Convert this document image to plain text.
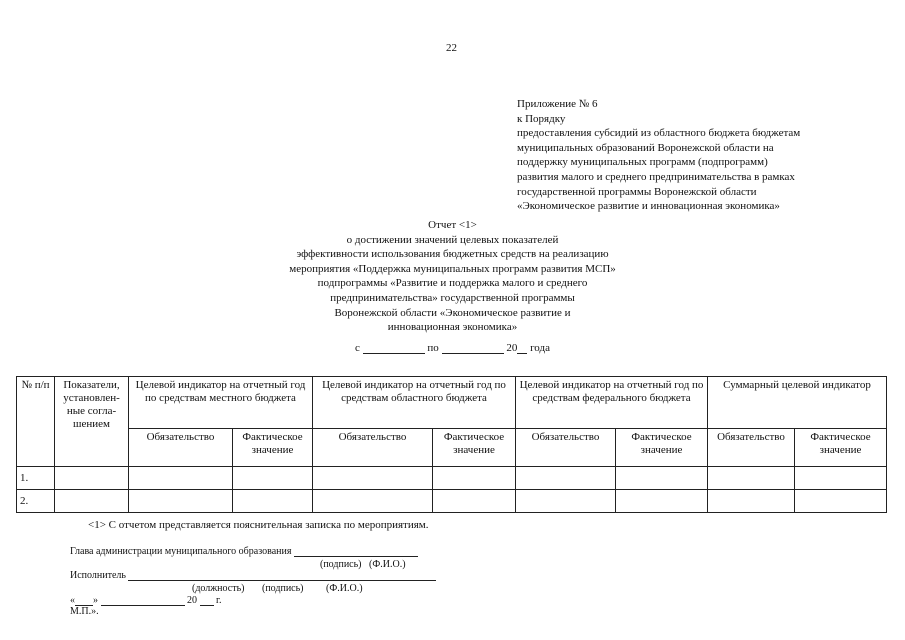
22
Приложение № 6
к Порядку
предоставления субсидий из областного бюджета бюджетам
муниципальных образований Воронежской области на
поддержку муниципальных программ (подпрограмм)
развития малого и среднего предпринимательства в рамках
государственной программы Воронежской области
«Экономическое развитие и инновационная экономика»
Отчет <1>
о достижении значений целевых показателей
эффективности использования бюджетных средств на реализацию
мероприятия «Поддержка муниципальных программ развития МСП»
подпрограммы «Развитие и поддержка малого и среднего
предпринимательства» государственной программы
Воронежской области «Экономическое развитие и
инновационная экономика»
с	по	20 года
№ п/п	Показатели, установлен-ные согла-шением	Целевой индикатор на отчетный год по средствам местного бюджета		Целевой индикатор на отчетный год по средствам областного бюджета		Целевой индикатор на отчетный год по средствам федерального бюджета		Суммарный целевой индикатор	
		Обязательство	Фактическое значение	Обязательство	Фактическое значение	Обязательство	Фактическое значение	Обязательство	Фактическое значение
1.									
2.									
<1> С отчетом представляется пояснительная записка по мероприятиям.
Глава администрации муниципального образования
(подпись) (Ф.И.О.)
Исполнитель
(должность) (подпись) (Ф.И.О.)
« »	20 г.
М.П.».
